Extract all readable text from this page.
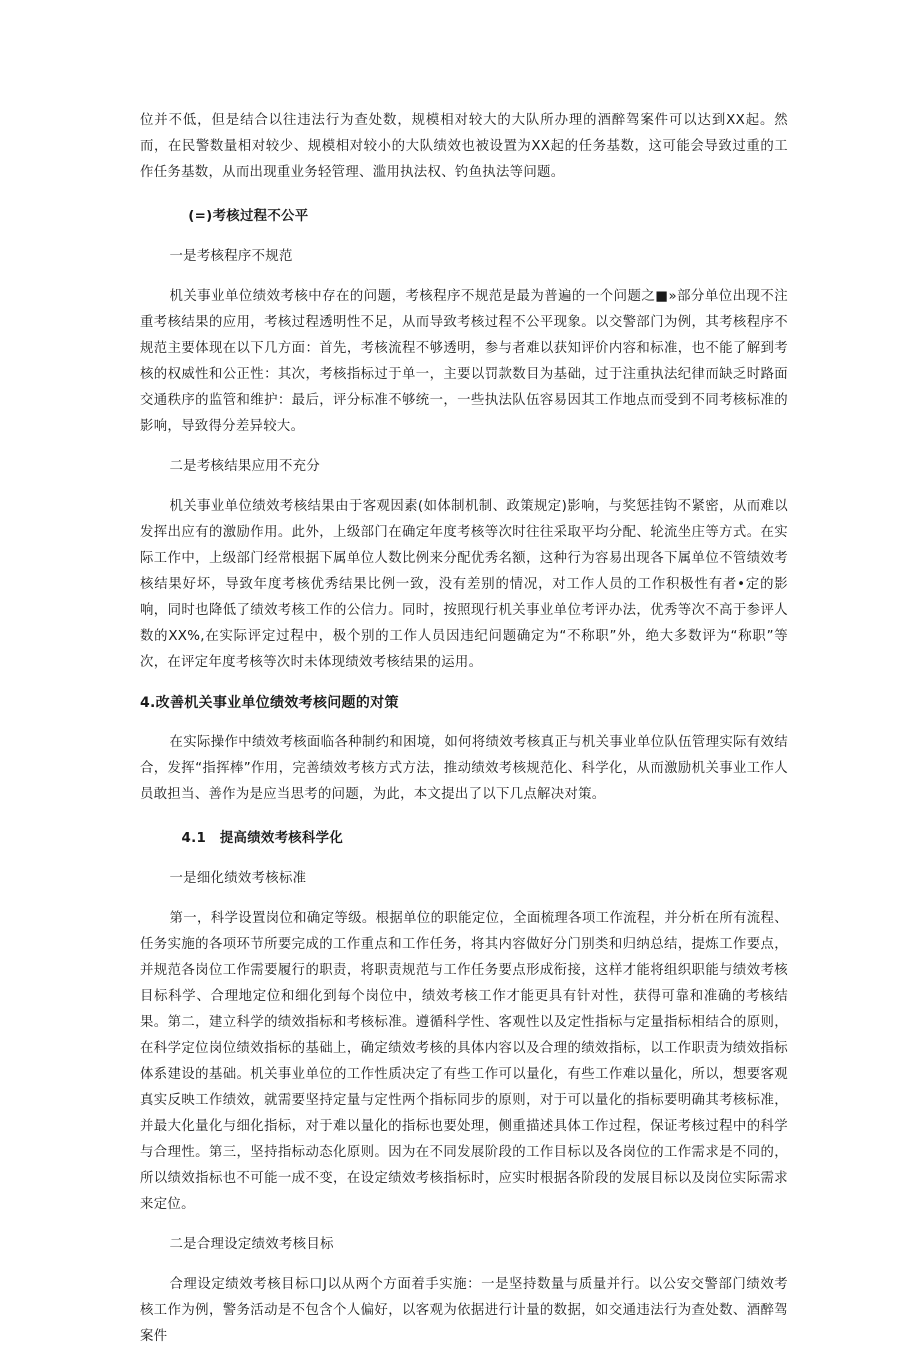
位并不低，但是结合以往违法行为查处数，规模相对较大的大队所办理的酒醉驾案件可以达到XX起。然而，在民警数量相对较少、规模相对较小的大队绩效也被设置为XX起的任务基数，这可能会导致过重的工作任务基数，从而出现重业务轻管理、滥用执法权、钓鱼执法等问题。

(=)考核过程不公平

一是考核程序不规范

机关事业单位绩效考核中存在的问题，考核程序不规范是最为普遍的一个问题之■»部分单位出现不注重考核结果的应用，考核过程透明性不足，从而导致考核过程不公平现象。以交警部门为例，其考核程序不规范主要体现在以下几方面：首先，考核流程不够透明，参与者难以获知评价内容和标准，也不能了解到考核的权威性和公正性：其次，考核指标过于单一，主要以罚款数目为基础，过于注重执法纪律而缺乏时路面交通秩序的监管和维护：最后，评分标准不够统一，一些执法队伍容易因其工作地点而受到不同考核标准的影响，导致得分差异较大。

二是考核结果应用不充分

机关事业单位绩效考核结果由于客观因素(如体制机制、政策规定)影响，与奖惩挂钩不紧密，从而难以发挥出应有的激励作用。此外，上级部门在确定年度考核等次时往往采取平均分配、轮流坐庄等方式。在实际工作中，上级部门经常根据下属单位人数比例来分配优秀名额，这种行为容易出现各下属单位不管绩效考核结果好坏，导致年度考核优秀结果比例一致，没有差别的情况，对工作人员的工作积极性有者•定的影响，同时也降低了绩效考核工作的公信力。同时，按照现行机关事业单位考评办法，优秀等次不高于参评人数的XX%,在实际评定过程中，极个别的工作人员因违纪问题确定为“不称职”外，绝大多数评为“称职”等次，在评定年度考核等次时未体现绩效考核结果的运用。

4.改善机关事业单位绩效考核问题的对策

在实际操作中绩效考核面临各种制约和困境，如何将绩效考核真正与机关事业单位队伍管理实际有效结合，发挥“指挥棒”作用，完善绩效考核方式方法，推动绩效考核规范化、科学化，从而激励机关事业工作人员敢担当、善作为是应当思考的问题，为此，本文提出了以下几点解决对策。

4.1　提高绩效考核科学化

一是细化绩效考核标准

第一，科学设置岗位和确定等级。根据单位的职能定位，全面梳理各项工作流程，并分析在所有流程、任务实施的各项环节所要完成的工作重点和工作任务，将其内容做好分门别类和归纳总结，提炼工作要点，并规范各岗位工作需要履行的职责，将职责规范与工作任务要点形成衔接，这样才能将组织职能与绩效考核目标科学、合理地定位和细化到每个岗位中，绩效考核工作才能更具有针对性，获得可靠和准确的考核结果。第二，建立科学的绩效指标和考核标准。遵循科学性、客观性以及定性指标与定量指标相结合的原则，在科学定位岗位绩效指标的基础上，确定绩效考核的具体内容以及合理的绩效指标，以工作职责为绩效指标体系建设的基础。机关事业单位的工作性质决定了有些工作可以量化，有些工作难以量化，所以，想要客观真实反映工作绩效，就需要坚持定量与定性两个指标同步的原则，对于可以量化的指标要明确其考核标准，并最大化量化与细化指标，对于难以量化的指标也要处理，侧重描述具体工作过程，保证考核过程中的科学与合理性。第三，坚持指标动态化原则。因为在不同发展阶段的工作目标以及各岗位的工作需求是不同的，所以绩效指标也不可能一成不变，在设定绩效考核指标时，应实时根据各阶段的发展目标以及岗位实际需求来定位。

二是合理设定绩效考核目标

合理设定绩效考核目标口J以从两个方面着手实施：一是坚持数量与质量并行。以公安交警部门绩效考核工作为例，警务活动是不包含个人偏好，以客观为依据进行计量的数据，如交通违法行为查处数、酒醉驾案件
